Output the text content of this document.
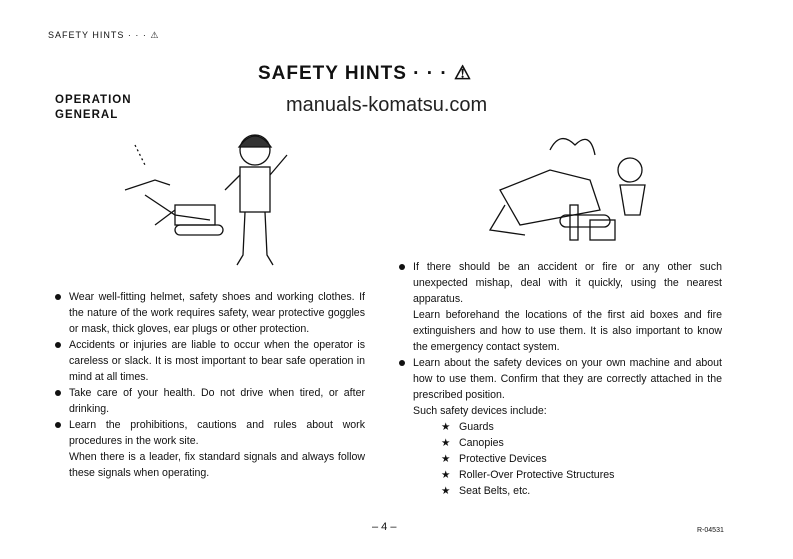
SAFETY HINTS · · · ⚠
SAFETY HINTS · · · ⚠
manuals-komatsu.com
OPERATION
GENERAL
Wear well-fitting helmet, safety shoes and working clothes. If the nature of the work requires safety, wear protective goggles or mask, thick gloves, ear plugs or other protection.
Accidents or injuries are liable to occur when the operator is careless or slack. It is most important to bear safe operation in mind at all times.
Take care of your health. Do not drive when tired, or after drinking.
Learn the prohibitions, cautions and rules about work procedures in the work site.
When there is a leader, fix standard signals and always follow these signals when operating.
If there should be an accident or fire or any other such unexpected mishap, deal with it quickly, using the nearest apparatus.
Learn beforehand the locations of the first aid boxes and fire extinguishers and how to use them. It is also important to know the emergency contact system.
Learn about the safety devices on your own machine and about how to use them. Confirm that they are correctly attached in the prescribed position.
Such safety devices include:
★ Guards
★ Canopies
★ Protective Devices
★ Roller-Over Protective Structures
★ Seat Belts, etc.
– 4 –	R-04531
